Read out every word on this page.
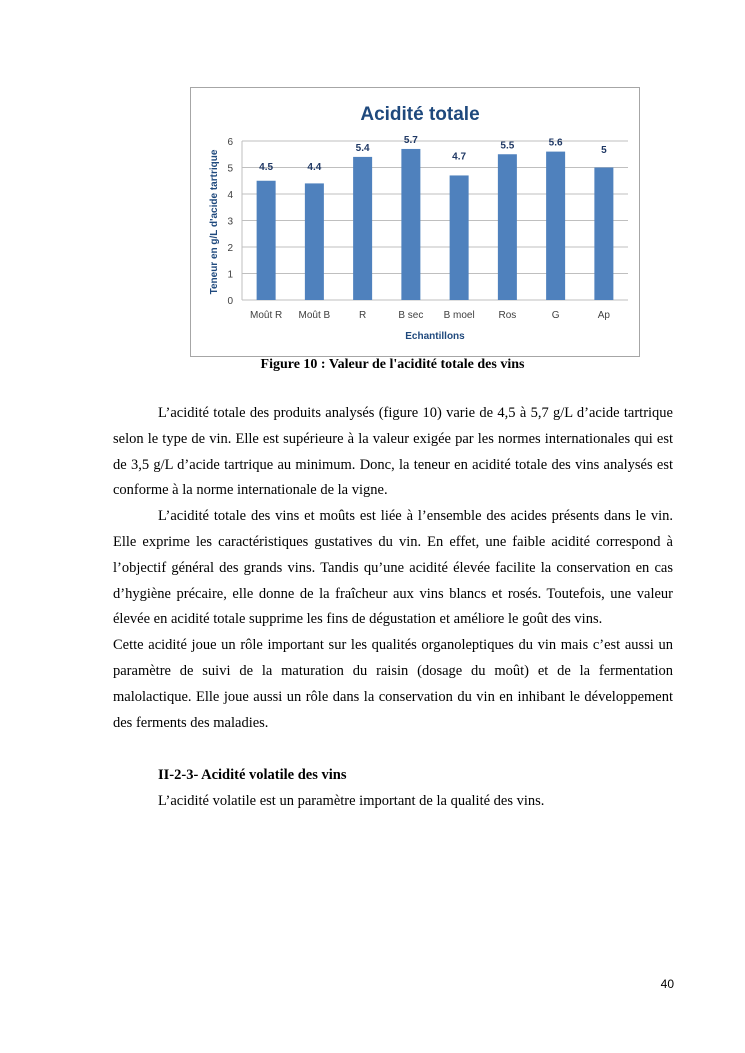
Acidité totale
4.5	4.4
5.4
5.7
4.7
5.5	5.6
5
Moût R Moût B	R	B sec B moel Ros	G	Ap
0
1
2
3
4
5
6
Echantillons
Teneur en g/L d'acide tartrique
Figure 10 : Valeur de l'acidité totale des vins

L’acidité totale des produits analysés (figure 10) varie de 4,5 à 5,7 g/L d’acide tartrique selon le type de vin. Elle est supérieure à la valeur exigée par les normes internationales qui est de 3,5 g/L d’acide tartrique au minimum. Donc, la teneur en acidité totale des vins analysés est conforme à la norme internationale de la vigne.

L’acidité totale des vins et moûts est liée à l’ensemble des acides présents dans le vin. Elle exprime les caractéristiques gustatives du vin. En effet, une faible acidité correspond à l’objectif général des grands vins. Tandis qu’une acidité élevée facilite la conservation en cas d’hygiène précaire, elle donne de la fraîcheur aux vins blancs et rosés. Toutefois, une valeur élevée en acidité totale supprime les fins de dégustation et améliore le goût des vins.

Cette acidité joue un rôle important sur les qualités organoleptiques du vin mais c’est aussi un paramètre de suivi de la maturation du raisin (dosage du moût) et de la fermentation malolactique. Elle joue aussi un rôle dans la conservation du vin en inhibant le développement des ferments des maladies.

II-2-3- Acidité volatile des vins
L’acidité volatile est un paramètre important de la qualité des vins.
40
